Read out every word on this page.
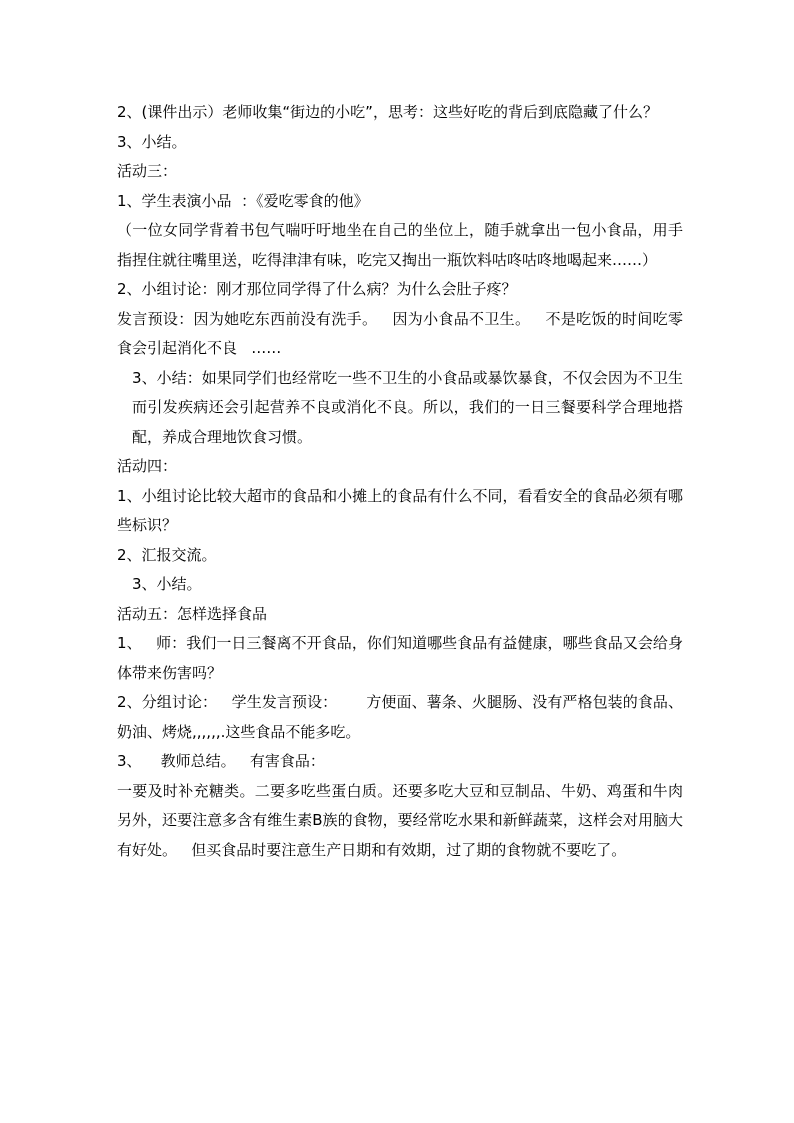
2、(课件出示）老师收集“街边的小吃”，思考：这些好吃的背后到底隐藏了什么？

3、小结。

活动三：

1、学生表演小品  ：《爱吃零食的他》

（一位女同学背着书包气喘吁吁地坐在自己的坐位上，随手就拿出一包小食品，用手指捏住就往嘴里送，吃得津津有味，吃完又掏出一瓶饮料咕咚咕咚地喝起来……）

2、小组讨论：刚才那位同学得了什么病？为什么会肚子疼？

发言预设：因为她吃东西前没有洗手。   因为小食品不卫生。   不是吃饭的时间吃零食会引起消化不良   ……

3、小结：如果同学们也经常吃一些不卫生的小食品或暴饮暴食，不仅会因为不卫生而引发疾病还会引起营养不良或消化不良。所以，我们的一日三餐要科学合理地搭配，养成合理地饮食习惯。

活动四：

1、小组讨论比较大超市的食品和小摊上的食品有什么不同，看看安全的食品必须有哪些标识？

2、汇报交流。

3、小结。

活动五：怎样选择食品

1、   师：我们一日三餐离不开食品，你们知道哪些食品有益健康，哪些食品又会给身体带来伤害吗？

2、分组讨论：   学生发言预设：      方便面、薯条、火腿肠、没有严格包装的食品、奶油、烤烧,,,,,,.这些食品不能多吃。

3、    教师总结。   有害食品：

一要及时补充糖类。二要多吃些蛋白质。还要多吃大豆和豆制品、牛奶、鸡蛋和牛肉另外，还要注意多含有维生素B族的食物，要经常吃水果和新鲜蔬菜，这样会对用脑大有好处。   但买食品时要注意生产日期和有效期，过了期的食物就不要吃了。
